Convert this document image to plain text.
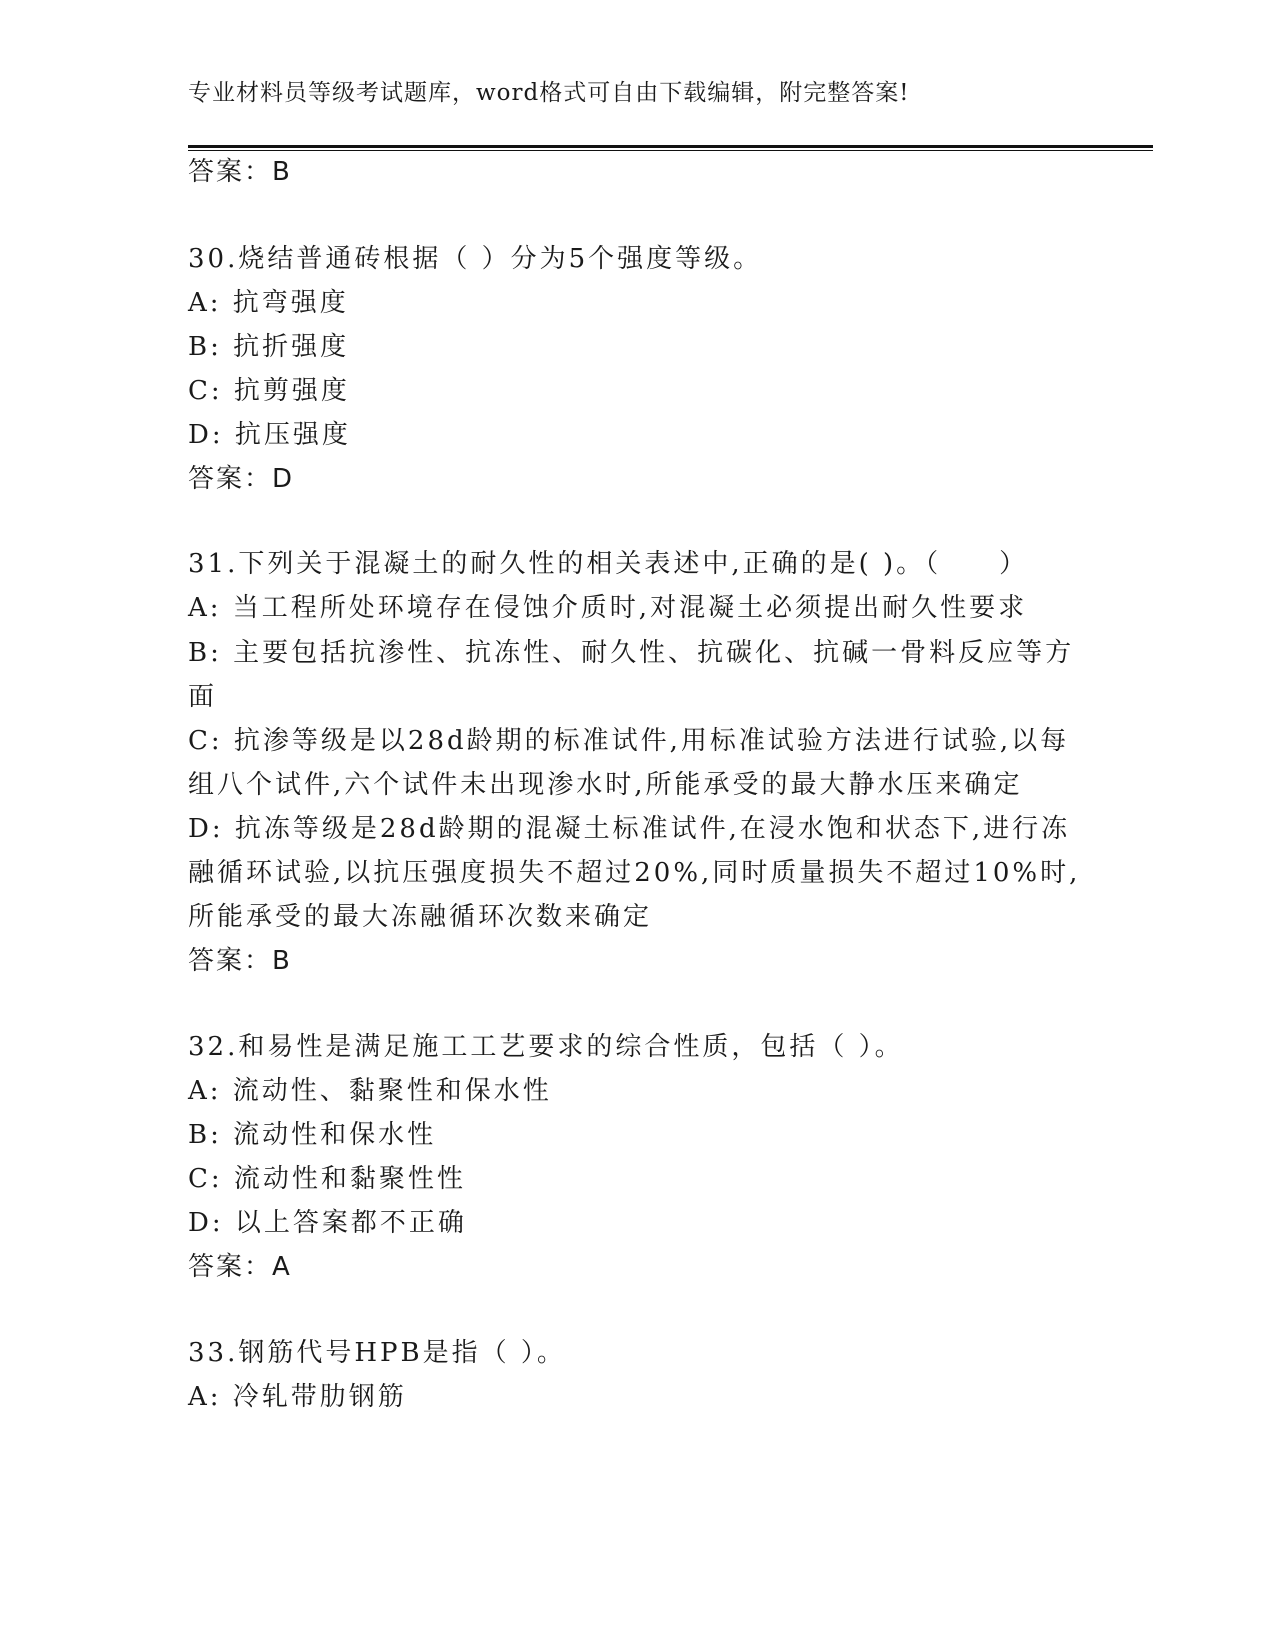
专业材料员等级考试题库，word格式可自由下载编辑，附完整答案!
答案：B
30.烧结普通砖根据（ ）分为5个强度等级。
A: 抗弯强度
B: 抗折强度
C: 抗剪强度
D: 抗压强度
答案：D
31.下列关于混凝土的耐久性的相关表述中,正确的是( )。（　　）
A: 当工程所处环境存在侵蚀介质时,对混凝土必须提出耐久性要求
B: 主要包括抗渗性、抗冻性、耐久性、抗碳化、抗碱一骨料反应等方
面
C: 抗渗等级是以28d龄期的标准试件,用标准试验方法进行试验,以每
组八个试件,六个试件未出现渗水时,所能承受的最大静水压来确定
D: 抗冻等级是28d龄期的混凝土标准试件,在浸水饱和状态下,进行冻
融循环试验,以抗压强度损失不超过20%,同时质量损失不超过10%时,
所能承受的最大冻融循环次数来确定
答案：B
32.和易性是满足施工工艺要求的综合性质，包括（ ）。
A: 流动性、黏聚性和保水性
B: 流动性和保水性
C: 流动性和黏聚性性
D: 以上答案都不正确
答案：A
33.钢筋代号HPB是指（ ）。
A: 冷轧带肋钢筋
